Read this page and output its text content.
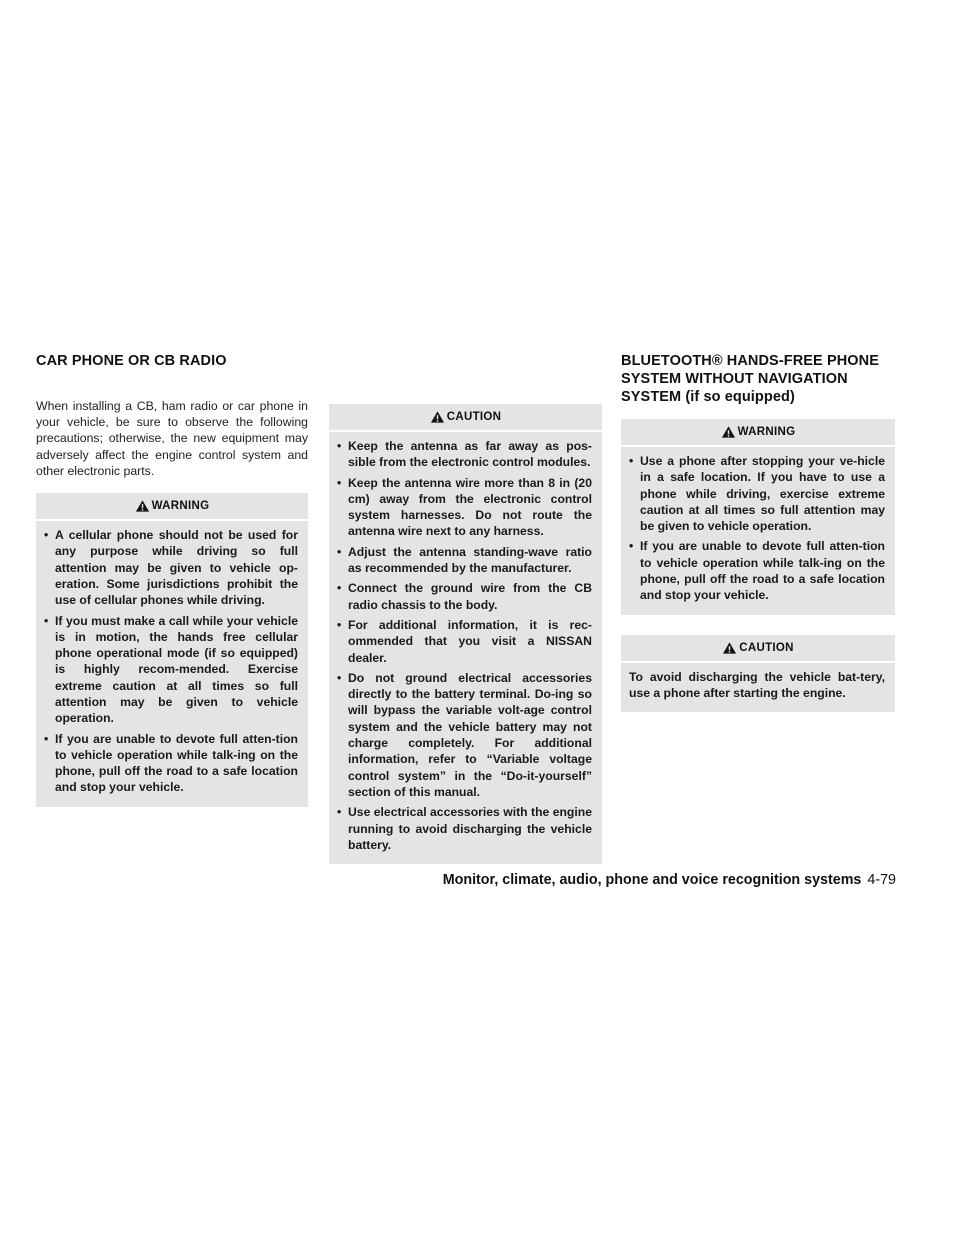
CAR PHONE OR CB RADIO

When installing a CB, ham radio or car phone in your vehicle, be sure to observe the following precautions; otherwise, the new equipment may adversely affect the engine control system and other electronic parts.

WARNING
• A cellular phone should not be used for any purpose while driving so full attention may be given to vehicle op-eration. Some jurisdictions prohibit the use of cellular phones while driving.
• If you must make a call while your vehicle is in motion, the hands free cellular phone operational mode (if so equipped) is highly recom-mended. Exercise extreme caution at all times so full attention may be given to vehicle operation.
• If you are unable to devote full atten-tion to vehicle operation while talk-ing on the phone, pull off the road to a safe location and stop your vehicle.
CAUTION
• Keep the antenna as far away as pos-sible from the electronic control modules.
• Keep the antenna wire more than 8 in (20 cm) away from the electronic control system harnesses. Do not route the antenna wire next to any harness.
• Adjust the antenna standing-wave ratio as recommended by the manufacturer.
• Connect the ground wire from the CB radio chassis to the body.
• For additional information, it is rec-ommended that you visit a NISSAN dealer.
• Do not ground electrical accessories directly to the battery terminal. Do-ing so will bypass the variable volt-age control system and the vehicle battery may not charge completely. For additional information, refer to “Variable voltage control system” in the “Do-it-yourself” section of this manual.
• Use electrical accessories with the engine running to avoid discharging the vehicle battery.
BLUETOOTH® HANDS-FREE PHONE
SYSTEM WITHOUT NAVIGATION
SYSTEM (if so equipped)
WARNING
• Use a phone after stopping your ve-hicle in a safe location. If you have to use a phone while driving, exercise extreme caution at all times so full attention may be given to vehicle operation.
• If you are unable to devote full atten-tion to vehicle operation while talk-ing on the phone, pull off the road to a safe location and stop your vehicle.
CAUTION

To avoid discharging the vehicle bat-tery, use a phone after starting the engine.

Monitor, climate, audio, phone and voice recognition systems 4-79
